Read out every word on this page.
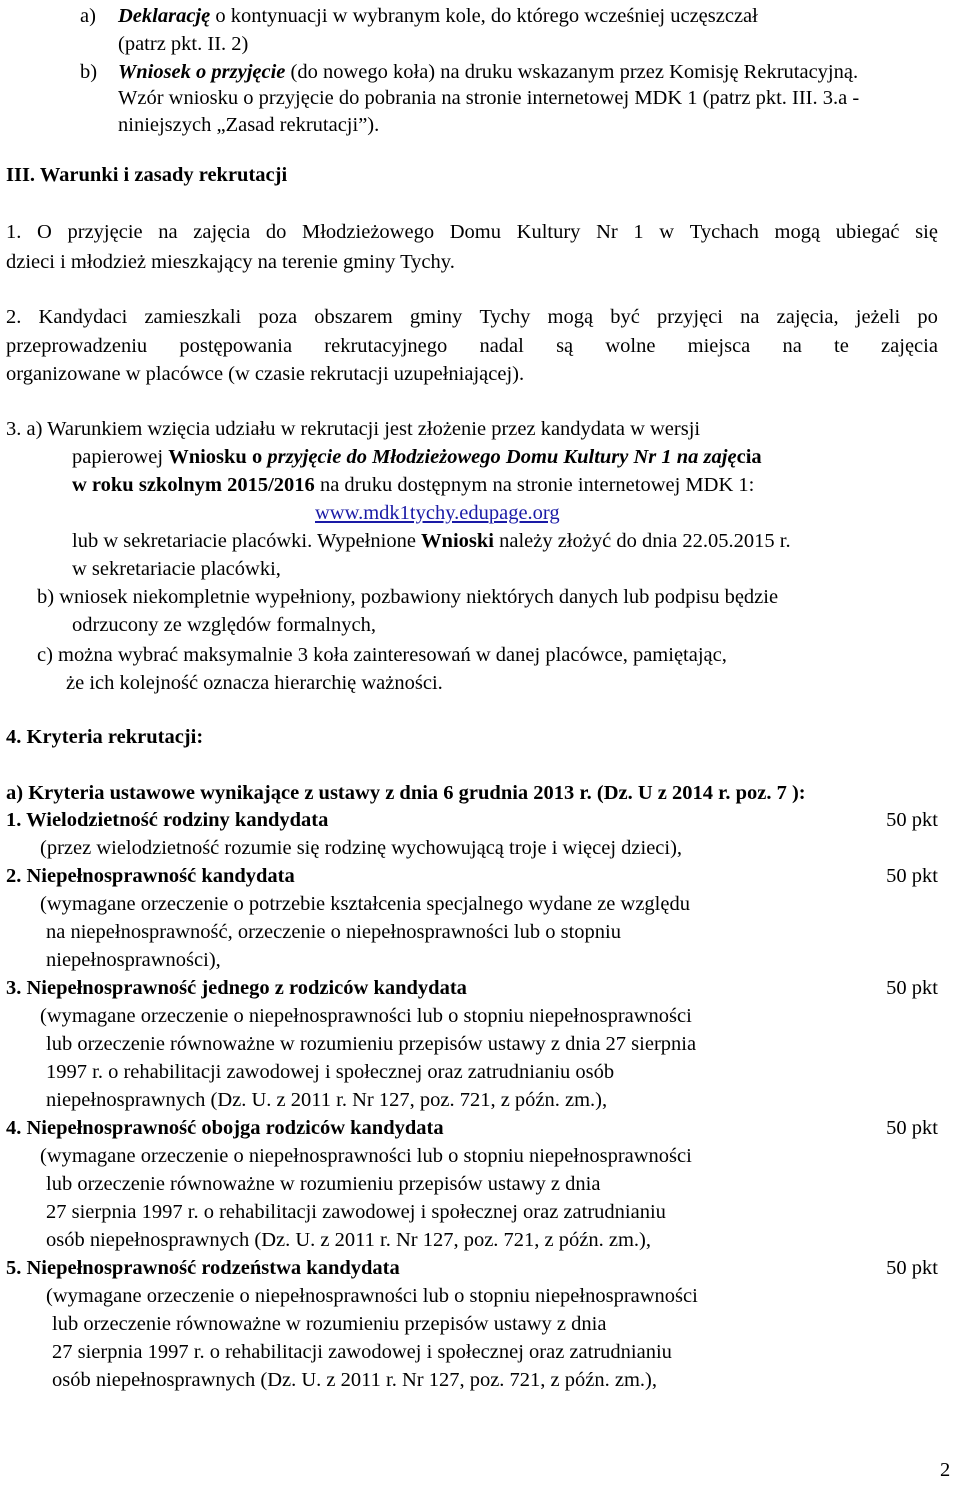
a) Deklarację o kontynuacji w wybranym kole, do którego wcześniej uczęszczał
(patrz pkt. II. 2)
b) Wniosek o przyjęcie (do nowego koła) na druku wskazanym przez Komisję Rekrutacyjną.
Wzór wniosku o przyjęcie do pobrania na stronie internetowej MDK 1 (patrz pkt. III. 3.a -
niniejszych „Zasad rekrutacji”).
III. Warunki i zasady rekrutacji
1. O przyjęcie na zajęcia do Młodzieżowego Domu Kultury Nr 1 w Tychach mogą ubiegać się
dzieci i młodzież mieszkający na terenie gminy Tychy.
2. Kandydaci zamieszkali poza obszarem gminy Tychy mogą być przyjęci na zajęcia, jeżeli po
przeprowadzeniu postępowania rekrutacyjnego nadal są wolne miejsca na te zajęcia
organizowane w placówce (w czasie rekrutacji uzupełniającej).
3. a) Warunkiem wzięcia udziału w rekrutacji jest złożenie przez kandydata w wersji
papierowej Wniosku o przyjęcie do Młodzieżowego Domu Kultury Nr 1 na zajęcia
w roku szkolnym 2015/2016 na druku dostępnym na stronie internetowej MDK 1:
www.mdk1tychy.edupage.org
lub w sekretariacie placówki. Wypełnione Wnioski należy złożyć do dnia 22.05.2015 r.
w sekretariacie placówki,
b) wniosek niekompletnie wypełniony, pozbawiony niektórych danych lub podpisu będzie
odrzucony ze względów formalnych,
c) można wybrać maksymalnie 3 koła zainteresowań w danej placówce, pamiętając,
że ich kolejność oznacza hierarchię ważności.
4. Kryteria rekrutacji:
a) Kryteria ustawowe wynikające z ustawy z dnia 6 grudnia 2013 r. (Dz. U z 2014 r. poz. 7 ):
1. Wielodzietność rodziny kandydata	50 pkt
(przez wielodzietność rozumie się rodzinę wychowującą troje i więcej dzieci),
2. Niepełnosprawność kandydata	50 pkt
(wymagane orzeczenie o potrzebie kształcenia specjalnego wydane ze względu
na niepełnosprawność, orzeczenie o niepełnosprawności lub o stopniu
niepełnosprawności),
3. Niepełnosprawność jednego z rodziców kandydata	50 pkt
(wymagane orzeczenie o niepełnosprawności lub o stopniu niepełnosprawności
lub orzeczenie równoważne w rozumieniu przepisów ustawy z dnia 27 sierpnia
1997 r. o rehabilitacji zawodowej i społecznej oraz zatrudnianiu osób
niepełnosprawnych (Dz. U. z 2011 r. Nr 127, poz. 721, z późn. zm.),
4. Niepełnosprawność obojga rodziców kandydata	50 pkt
(wymagane orzeczenie o niepełnosprawności lub o stopniu niepełnosprawności
lub orzeczenie równoważne w rozumieniu przepisów ustawy z dnia
27 sierpnia 1997 r. o rehabilitacji zawodowej i społecznej oraz zatrudnianiu
osób niepełnosprawnych (Dz. U. z 2011 r. Nr 127, poz. 721, z późn. zm.),
5. Niepełnosprawność rodzeństwa kandydata	50 pkt
(wymagane orzeczenie o niepełnosprawności lub o stopniu niepełnosprawności
lub orzeczenie równoważne w rozumieniu przepisów ustawy z dnia
27 sierpnia 1997 r. o rehabilitacji zawodowej i społecznej oraz zatrudnianiu
osób niepełnosprawnych (Dz. U. z 2011 r. Nr 127, poz. 721, z późn. zm.),
2
